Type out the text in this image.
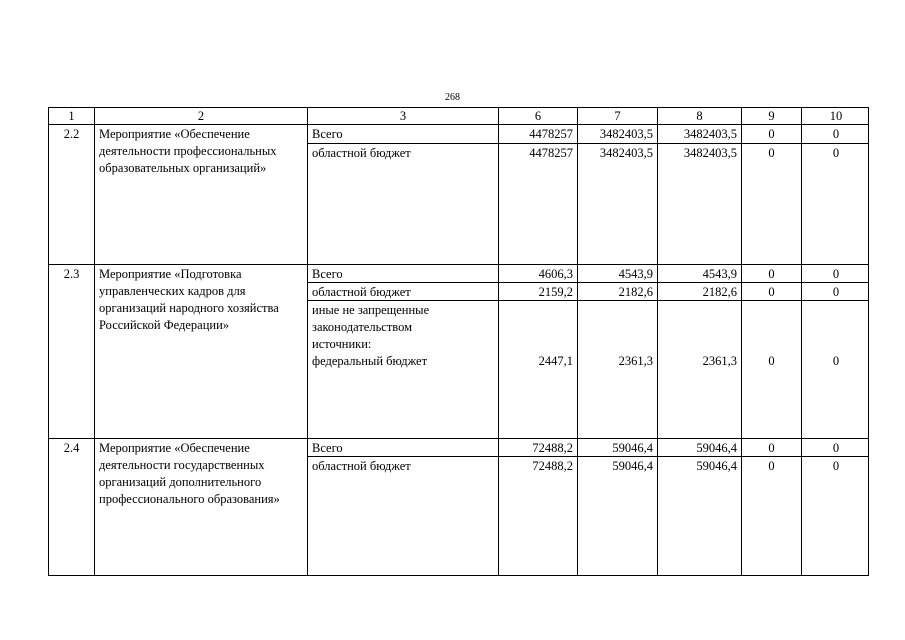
268
1	2	3	6	7	8	9	10
2.2	Мероприятие «Обеспечение деятельности профессиональных образовательных организаций»
Всего	4478257	3482403,5	3482403,5	0	0
областной бюджет	4478257	3482403,5	3482403,5	0	0
2.3	Мероприятие «Подготовка управленческих кадров для организаций народного хозяйства Российской Федерации»
Всего	4606,3	4543,9	4543,9	0	0
областной бюджет	2159,2	2182,6	2182,6	0	0
иные не запрещенные
законодательством
источники:
федеральный бюджет	2447,1	2361,3	2361,3	0	0
2.4	Мероприятие «Обеспечение деятельности государственных организаций дополнительного профессионального образования»
Всего	72488,2	59046,4	59046,4	0	0
областной бюджет	72488,2	59046,4	59046,4	0	0
